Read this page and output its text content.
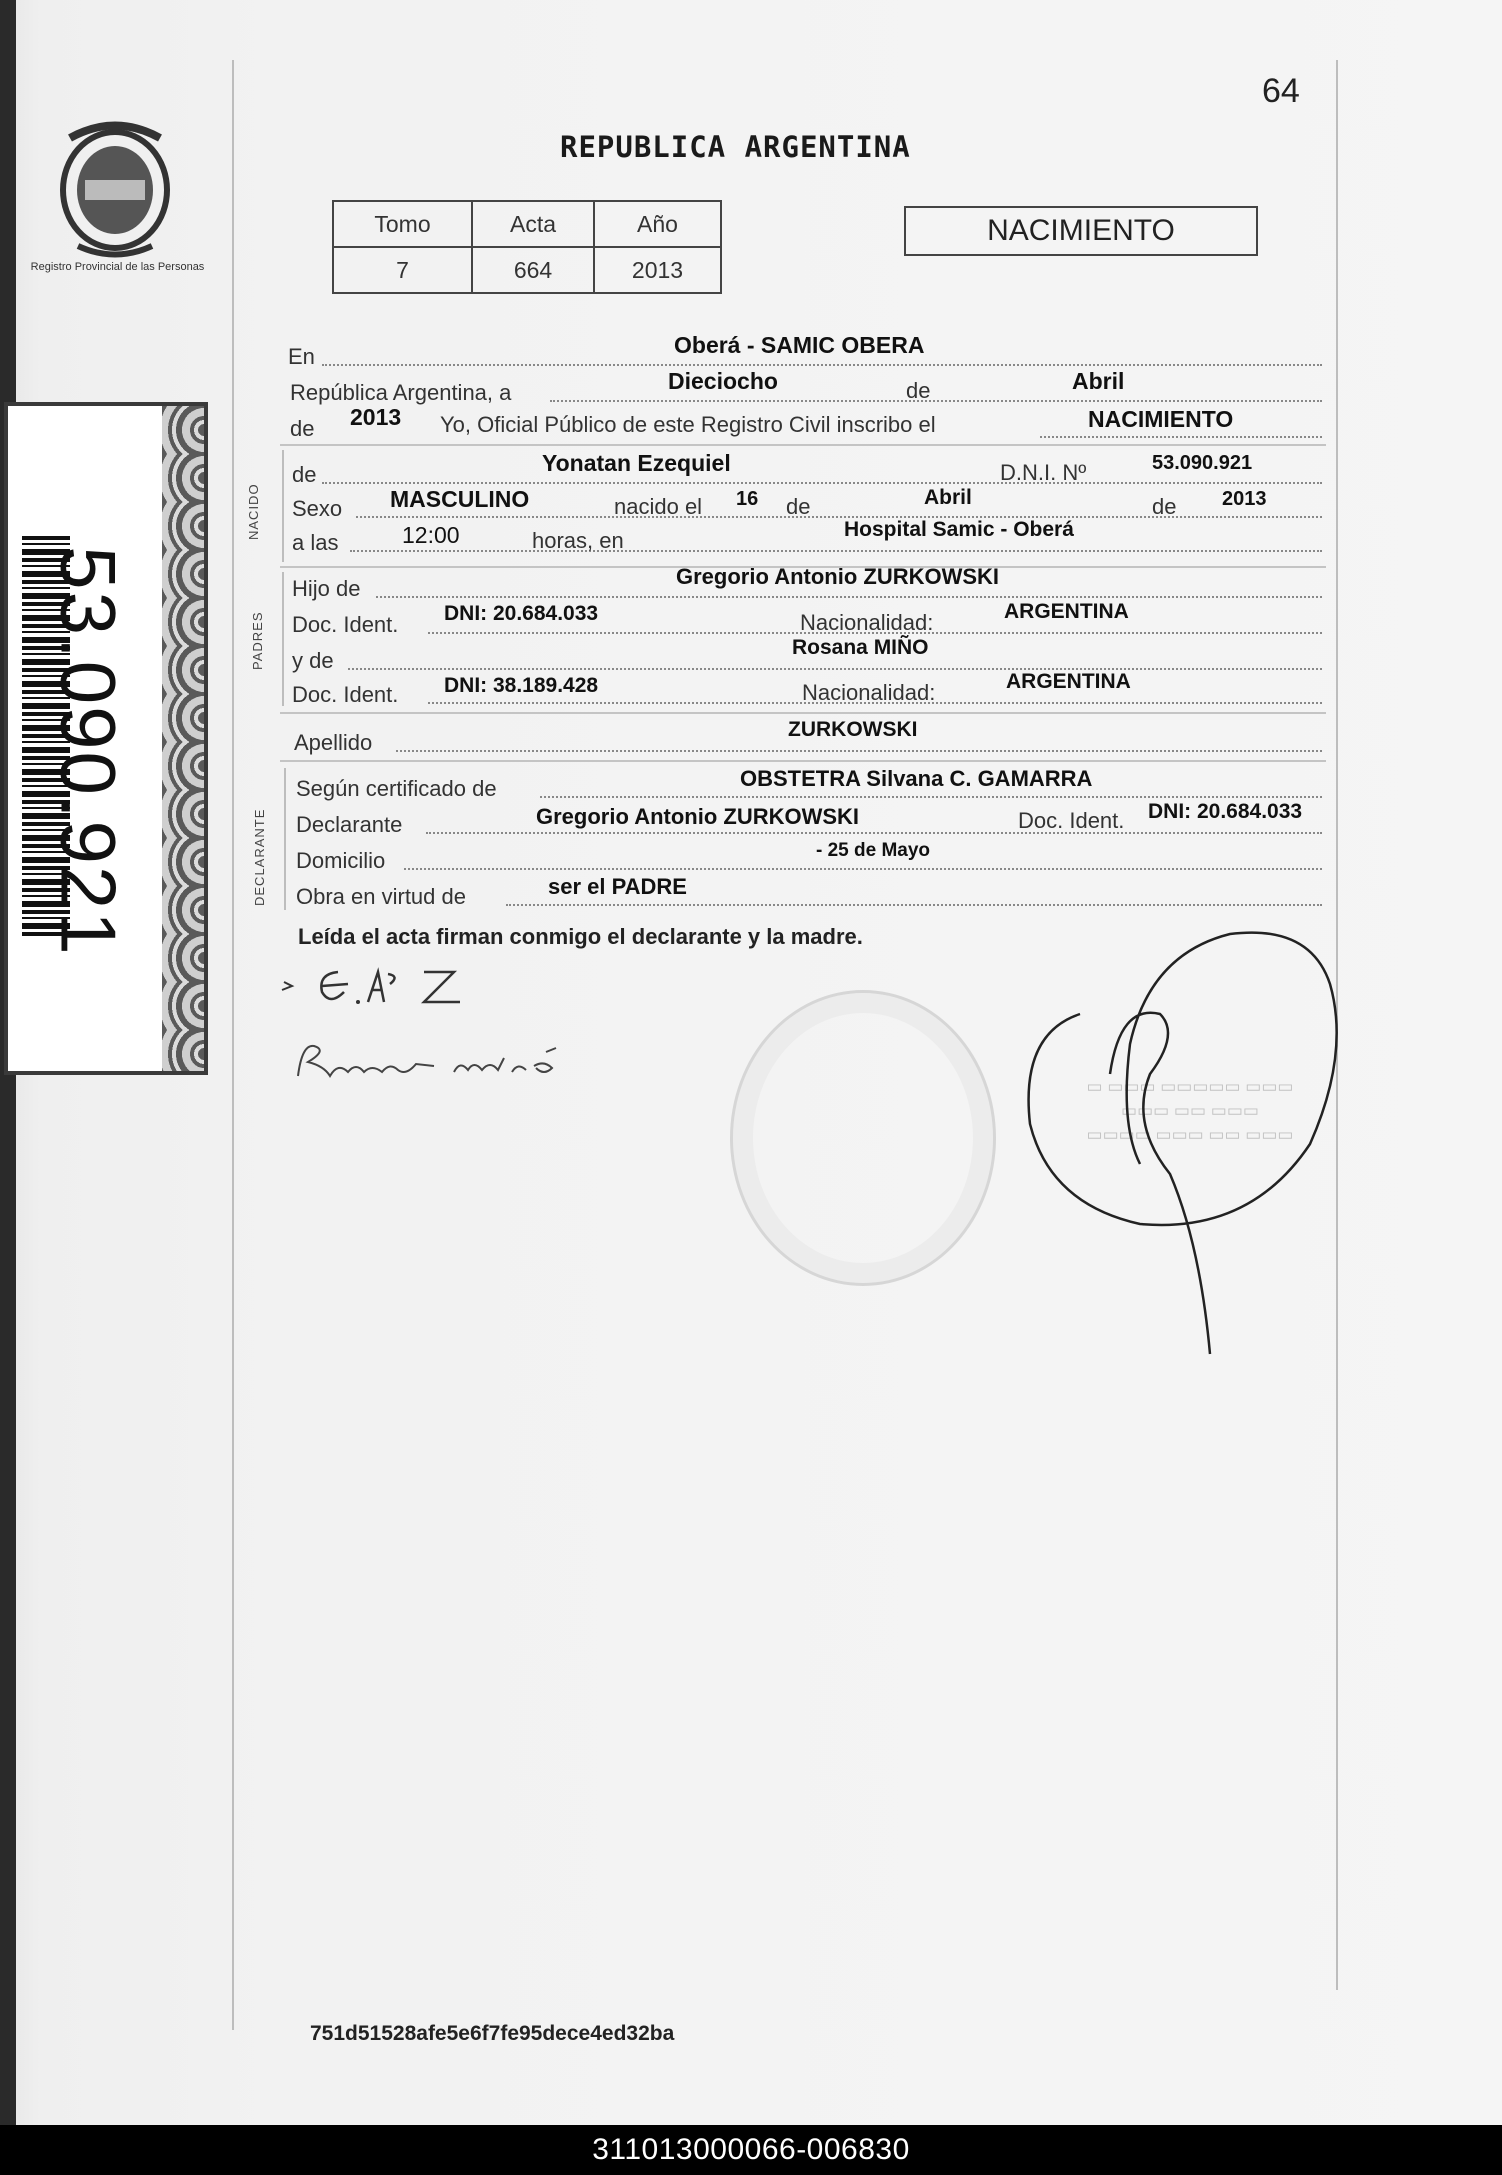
Registro Provincial de las Personas
53.090.921
64
REPUBLICA ARGENTINA
Tomo	Acta	Año
7	664	2013
NACIMIENTO
En	Oberá - SAMIC OBERA
República Argentina, a	Dieciocho	de	Abril
de 2013 Yo, Oficial Público de este Registro Civil inscribo el	NACIMIENTO
NACIDO
de	Yonatan Ezequiel	D.N.I. Nº	53.090.921
Sexo MASCULINO	nacido el 16 de	Abril	de 2013
a las	12:00	horas, en	Hospital Samic - Oberá
PADRES
Hijo de	Gregorio Antonio ZURKOWSKI
Doc. Ident. DNI: 20.684.033	Nacionalidad:	ARGENTINA
y de
Rosana MIÑO
Doc. Ident. DNI: 38.189.428	Nacionalidad:	ARGENTINA
Apellido
ZURKOWSKI
DECLARANTE
Según certificado de	OBSTETRA Silvana C. GAMARRA
Declarante	Gregorio Antonio ZURKOWSKI	Doc. Ident. DNI: 20.684.033
Domicilio	- 25 de Mayo
Obra en virtud de	ser el PADRE
Leída el acta firman conmigo el declarante y la madre.
▭ ▭▭▭ ▭▭▭▭▭ ▭▭▭
▭▭▭ ▭▭ ▭▭▭
▭▭▭▭ ▭▭▭ ▭▭ ▭▭▭
751d51528afe5e6f7fe95dece4ed32ba
311013000066-006830
